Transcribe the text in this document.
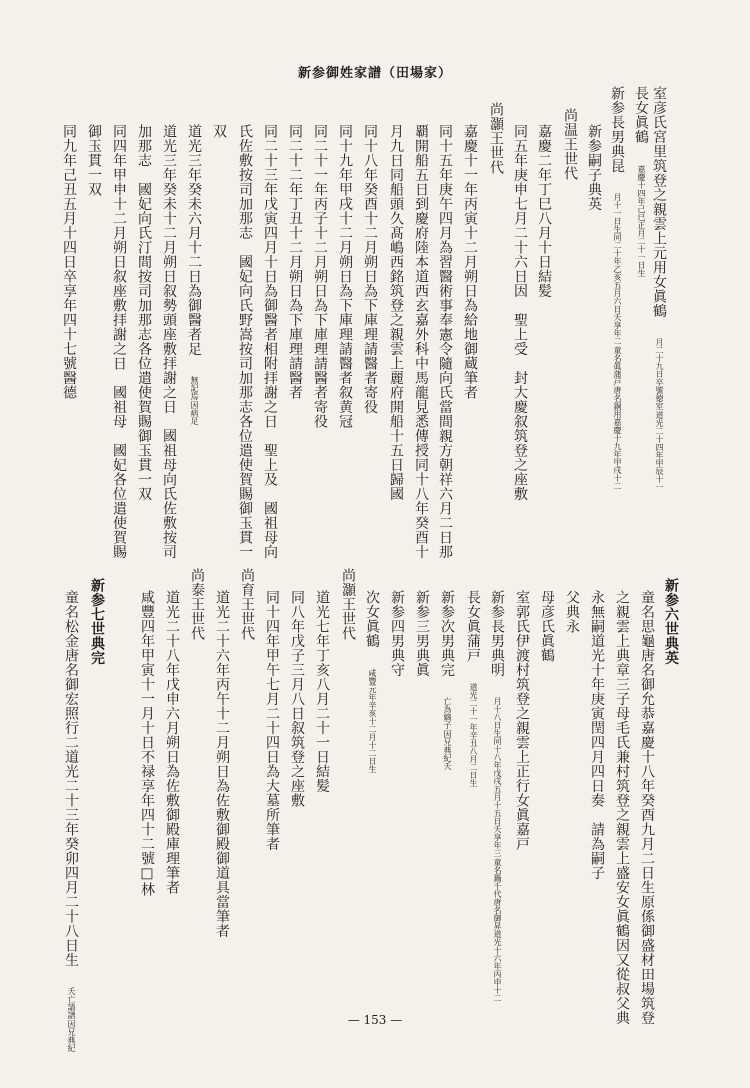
新参御姓家譜（田場家）
室彦氏宮里筑登之親雲上元用女眞鶴
道光二十四年甲辰十一
月二十九日卒號徳室
長女眞鶴 嘉慶十四年己巳正月二十一日生
新参長男典昆
童名眞蒲戸唐名銅用嘉慶十九年甲戌十二
月十一日生同二十年乙亥五月六日夭享年二
新参嗣子典英
尚温王世代
嘉慶二年丁巳八月十日結髪
同五年庚申七月二十六日因　聖上受　封大慶叙筑登之座敷
尚灝王世代
嘉慶十一年丙寅十二月朔日為給地御蔵筆者
同十五年庚午四月為習醫術事奉憲令隨向氏當間親方朝祥六月二日那
覇開船五日到慶府陸本道西玄嘉外科中馬龍見悉傳授同十八年癸酉十
月九日同船頭久髙嶋西銘筑登之親雲上麗府開船十五日歸國
同十八年癸酉十二月朔日為下庫理請醫者寄役
同十九年甲戌十二月朔日為下庫理請醫者叙黄冠
同二十一年丙子十二月朔日為下庫理請醫者寄役
同二十二年丁丑十二月朔日為下庫理請醫者
同二十三年戊寅四月十日為御醫者相附拝謝之日　聖上及　國祖母向
氏佐敷按司加那志　國妃向氏野嵩按司加那志各位遣使賀賜御玉貫一
双
道光三年癸未六月十二日為御醫者足
因病足
無記焉
道光三年癸未十二月朔日叙勢頭座敷拝謝之日　國祖母向氏佐敷按司
加那志　國妃向氏汀間按司加那志各位遣使賀賜御玉貫一双
同四年甲申十二月朔日叙座敷拝謝之日　國祖母　國妃各位遣使賀賜
御玉貫一双
同九年己丑五月十四日卒享年四十七號醫德
新参六世典英
童名思龜唐名御允恭嘉慶十八年癸酉九月二日生原係御盛材田場筑登
之親雲上典章三子母毛氏兼村筑登之親雲上盛安女眞鶴因又從叔父典
永無嗣道光十年庚寅閏四月四日奏　請為嗣子
父典永
母彦氏眞鶴
室郭氏伊渡村筑登之親雲上正行女眞嘉戸
新参長男典明
童名鍋千代唐名御昇道光十六年丙申十二
月十八日生同十八年戊戌五月十五日夭享年三
長女眞蒲戸 道光二十一年辛丑八月二日生
新参次男典完
因兄典紀夭
亡為嫡子
新参三男典眞
新参四男典守
次女眞鶴 咸豐元年辛亥十二月十二日生
尚灝王世代
道光七年丁亥八月二十一日結髪
同八年戊子三月八日叙筑登之座敷
同十四年甲午七月二十四日為大墓所筆者
尚育王世代
道光二十六年丙午十二月朔日為佐敷御殿御道具當筆者
尚泰王世代
道光二十八年戊申六月朔日為佐敷御殿庫理筆者
咸豐四年甲寅十一月十日不禄享年四十二號□林
新参七世典完
童名松金唐名御宏照行二道光二十三年癸卯四月二十八日生
因兄典紀
夭亡請譜
— 153 —
